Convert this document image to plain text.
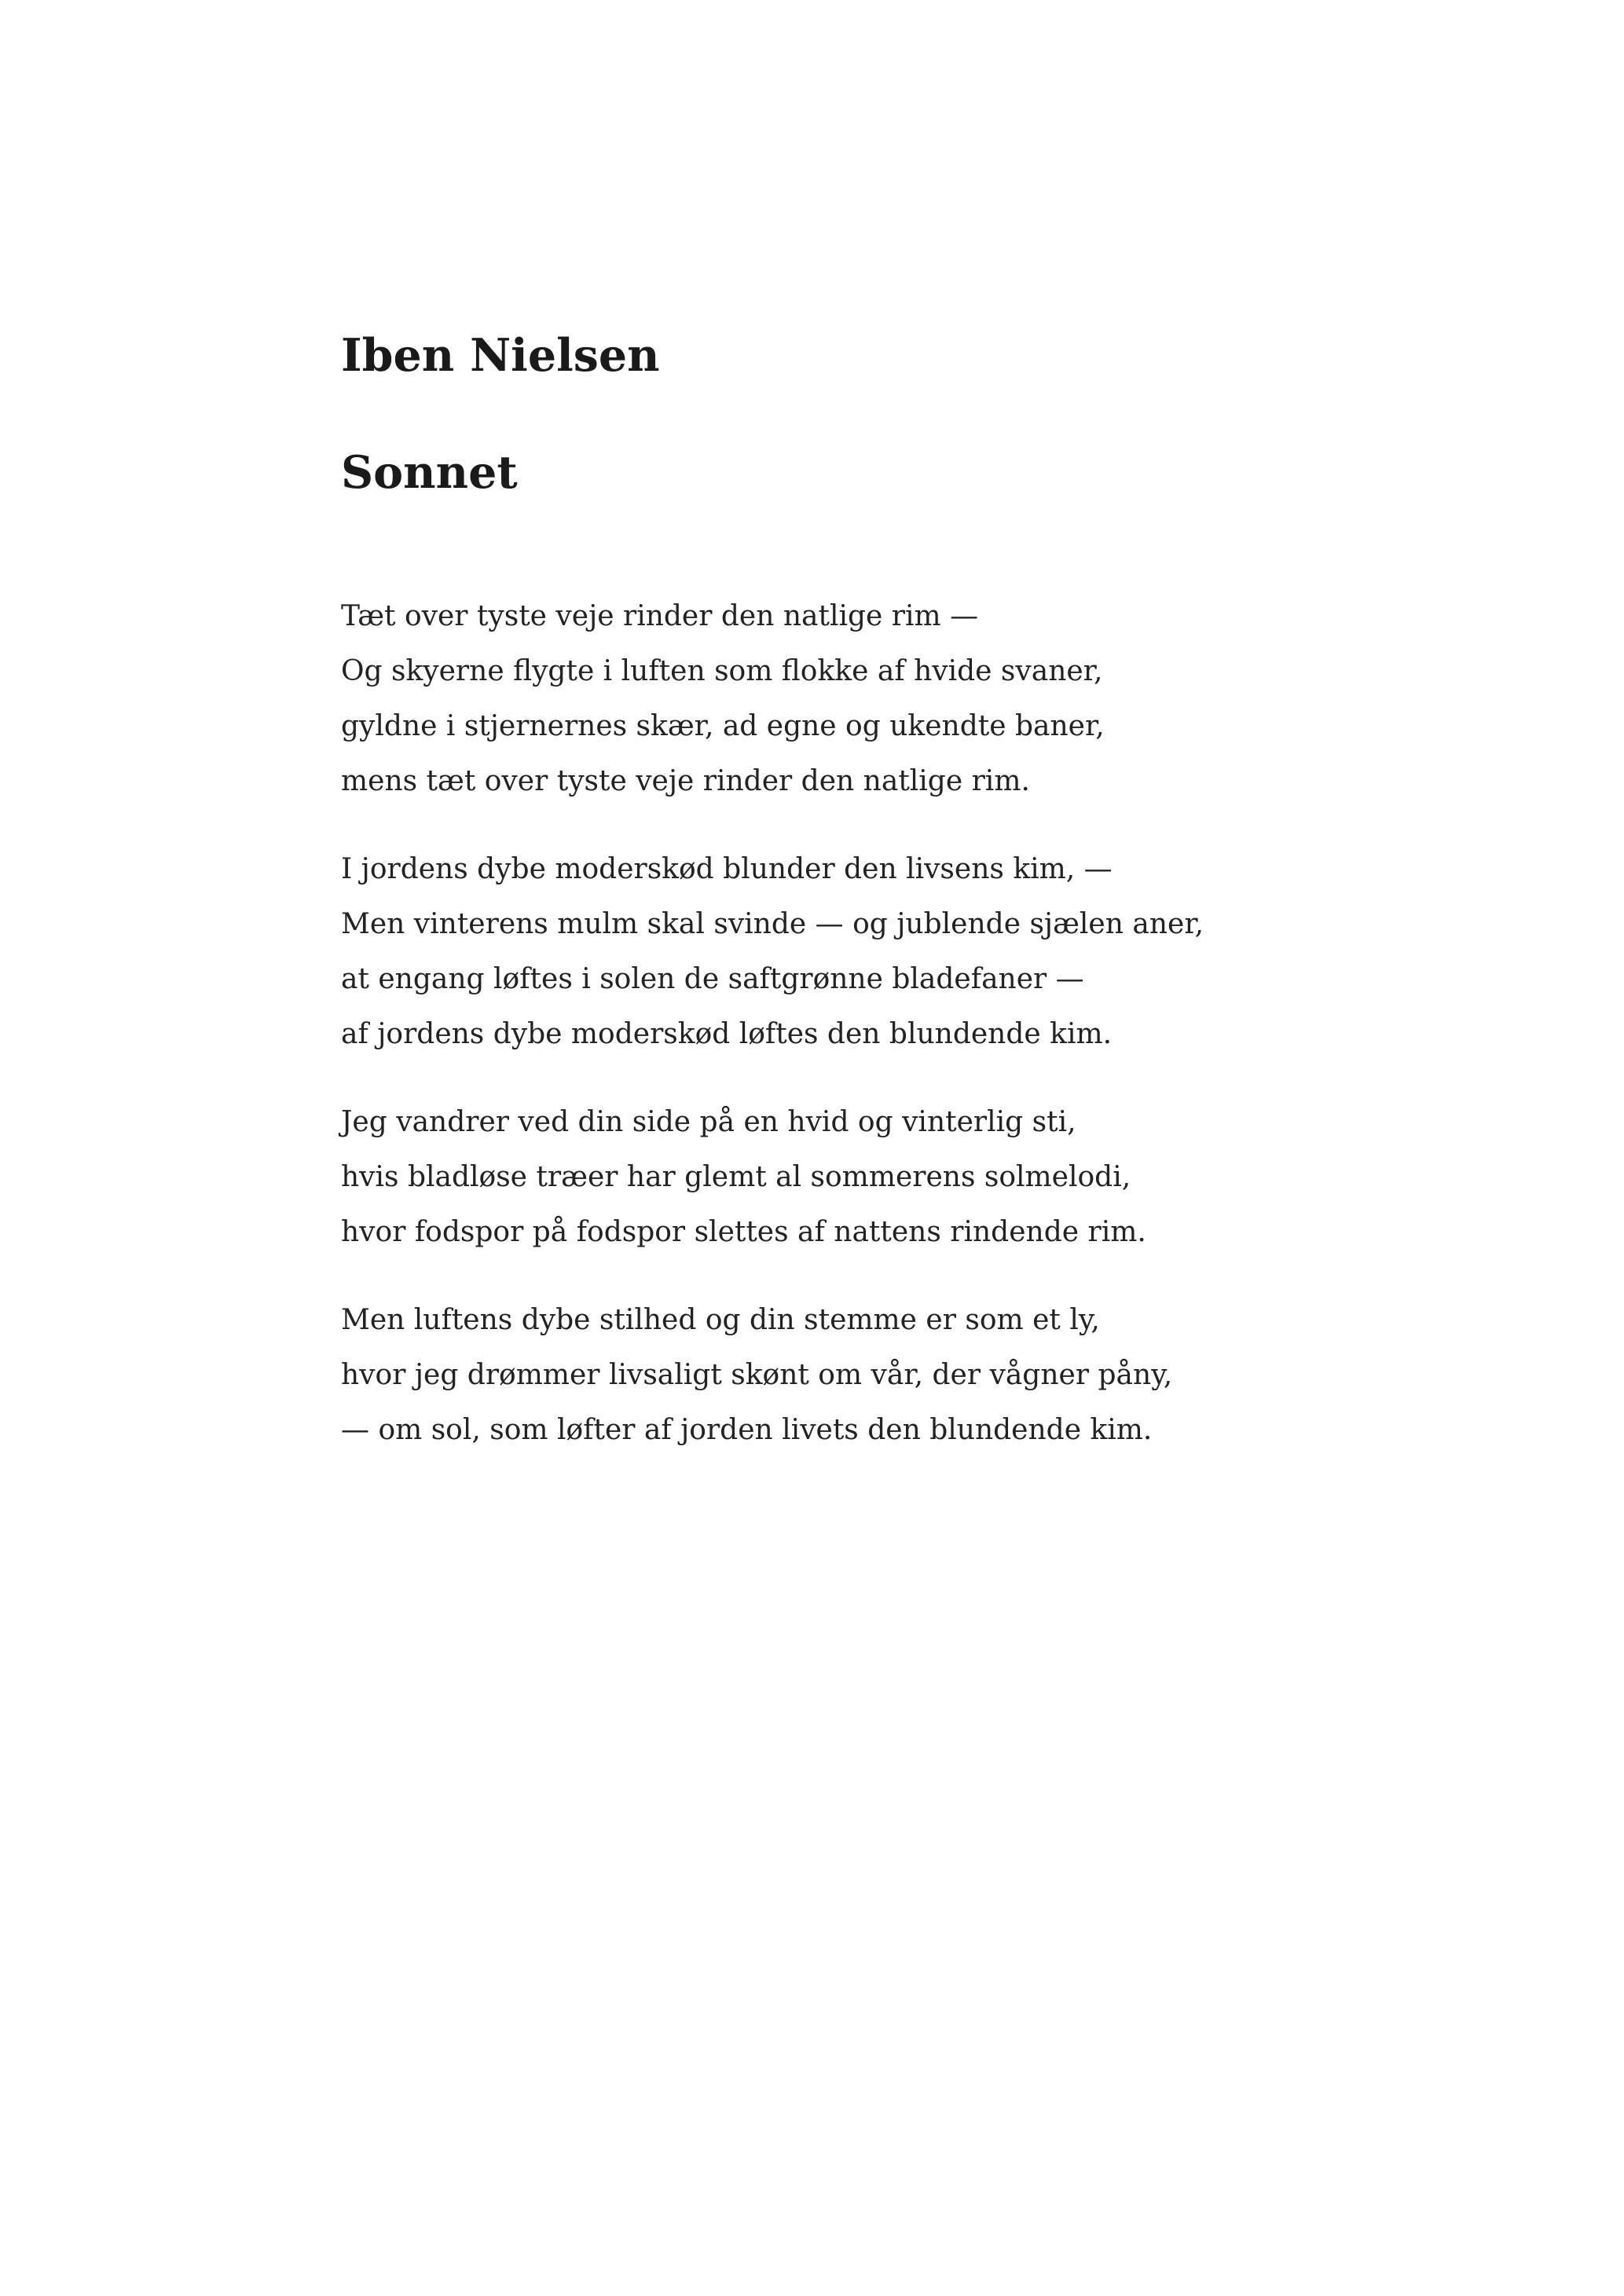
Iben Nielsen
Sonnet

Tæt over tyste veje rinder den natlige rim —
Og skyerne flygte i luften som flokke af hvide svaner,
gyldne i stjernernes skær, ad egne og ukendte baner,
mens tæt over tyste veje rinder den natlige rim.

I jordens dybe moderskød blunder den livsens kim, —
Men vinterens mulm skal svinde — og jublende sjælen aner,
at engang løftes i solen de saftgrønne bladefaner —
af jordens dybe moderskød løftes den blundende kim.

Jeg vandrer ved din side på en hvid og vinterlig sti,
hvis bladløse træer har glemt al sommerens solmelodi,
hvor fodspor på fodspor slettes af nattens rindende rim.

Men luftens dybe stilhed og din stemme er som et ly,
hvor jeg drømmer livsaligt skønt om vår, der vågner påny,
— om sol, som løfter af jorden livets den blundende kim.
